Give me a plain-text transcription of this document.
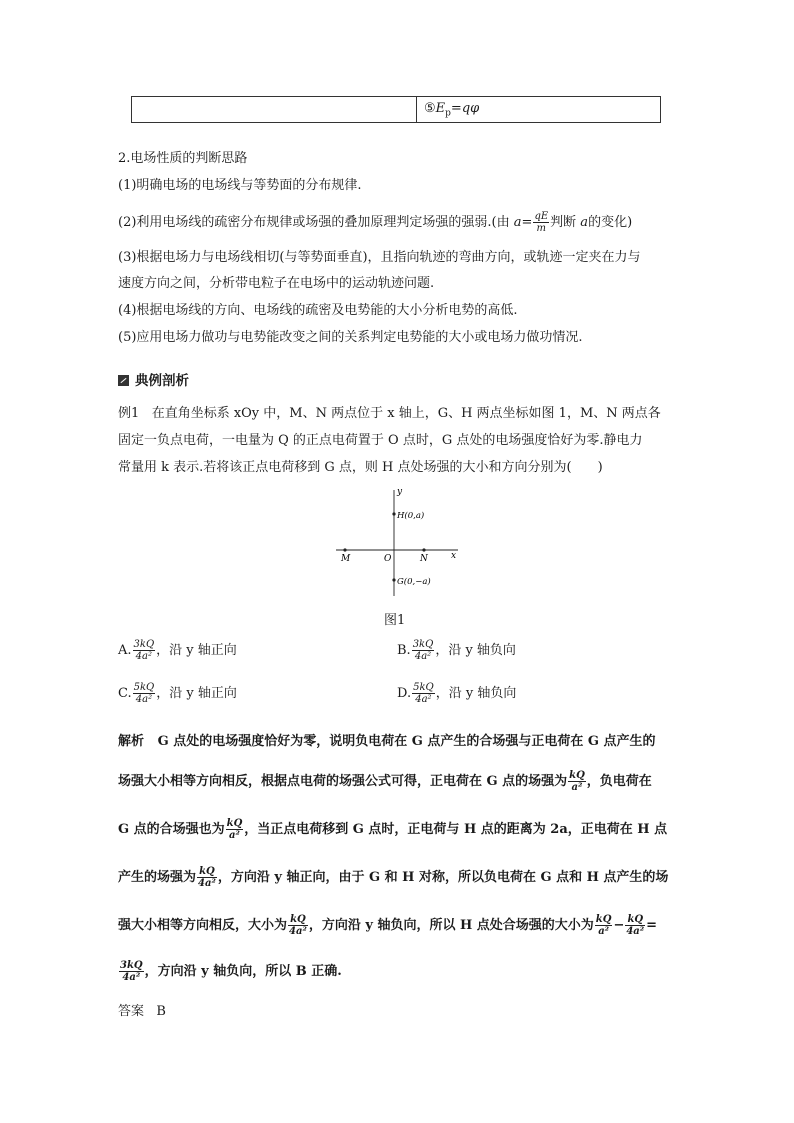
$⑤E_p=q\varphi$
2.电场性质的判断思路
(1)明确电场的电场线与等势面的分布规律.
(2)利用电场线的疏密分布规律或场强的叠加原理判定场强的强弱.(由 $a= \frac{qE}{m}$ 判断 a的变化)
(3)根据电场力与电场线相切(与等势面垂直)，且指向轨迹的弯曲方向，或轨迹一定夹在力与
速度方向之间，分析带电粒子在电场中的运动轨迹问题.
(4)根据电场线的方向、电场线的疏密及电势能的大小分析电势的高低.
(5)应用电场力做功与电势能改变之间的关系判定电势能的大小或电场力做功情况.
典例剖析
例1 在直角坐标系 xOy 中，M、N 两点位于 x 轴上，G、H 两点坐标如图 1，M、N 两点各
固定一负点电荷，一电量为 Q 的正点电荷置于 O 点时，G 点处的电场强度恰好为零.静电力
常量用 k 表示.若将该正点电荷移到 G 点，则 H 点处场强的大小和方向分别为(　　)
y
x
O
H(0,a)
G(0,−a)
M	N
图1
A. $\frac{3kQ}{\text{4a²}}$ ，沿 y 轴正向	B. $\frac{3kQ}{\text{4a²}}$ ，沿 y 轴负向
C. $\frac{5kQ}{\text{4a²}}$ ，沿 y 轴正向	D. $\frac{5kQ}{\text{4a²}}$ ，沿 y 轴负向
解析 G 点处的电场强度恰好为零，说明负电荷在 G 点产生的合场强与正电荷在 G 点产生的
场强大小相等方向相反，根据点电荷的场强公式可得，正电荷在 G 点的场强为 $\frac{kQ}{\text{a²}}$ ，负电荷在
G 点的合场强也为 $\frac{kQ}{\text{a²}}$ ，当正点电荷移到 G 点时，正电荷与 H 点的距离为 2a，正电荷在 H 点
产生的场强为 $\frac{kQ}{\text{4a²}}$ ，方向沿 y 轴正向，由于 G 和 H 对称，所以负电荷在 G 点和 H 点产生的场
强大小相等方向相反，大小为 $\frac{kQ}{\text{4a²}}$ ，方向沿 y 轴负向，所以 H 点处合场强的大小为 $\frac{kQ}{\text{a²}} - \frac{kQ}{\text{4a²}}$ =
$\frac{3kQ}{\text{4a²}}$ ，方向沿 y 轴负向，所以 B 正确.
答案 B
